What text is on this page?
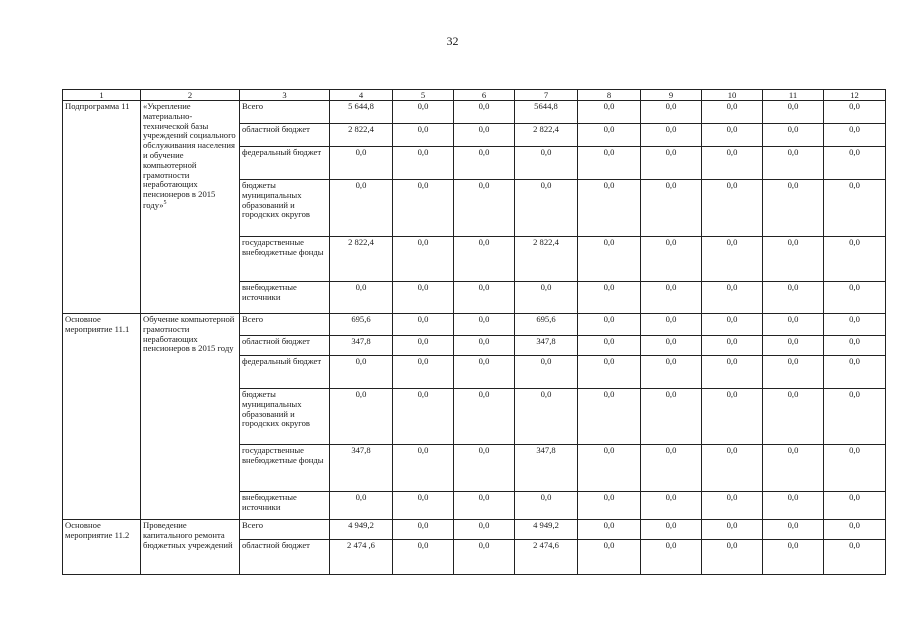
32
1	2	3	4	5	6	7	8	9	10	11	12
Подпрограмма 11	«Укрепление материально-технической базы учреждений социального обслуживания населения и обучение компьютерной грамотности неработающих пенсионеров в 2015 году»$^5$	Всего	5 644,8	0,0	0,0	5644,8	0,0	0,0	0,0	0,0	0,0
		областной бюджет	2 822,4	0,0	0,0	2 822,4	0,0	0,0	0,0	0,0	0,0
		федеральный бюджет	0,0	0,0	0,0	0,0	0,0	0,0	0,0	0,0	0,0
		бюджеты муниципальных образований и городских округов	0,0	0,0	0,0	0,0	0,0	0,0	0,0	0,0	0,0
		государственные внебюджетные фонды	2 822,4	0,0	0,0	2 822,4	0,0	0,0	0,0	0,0	0,0
		внебюджетные источники	0,0	0,0	0,0	0,0	0,0	0,0	0,0	0,0	0,0
Основное мероприятие 11.1	Обучение компьютерной грамотности неработающих пенсионеров в 2015 году	Всего	695,6	0,0	0,0	695,6	0,0	0,0	0,0	0,0	0,0
		областной бюджет	347,8	0,0	0,0	347,8	0,0	0,0	0,0	0,0	0,0
		федеральный бюджет	0,0	0,0	0,0	0,0	0,0	0,0	0,0	0,0	0,0
		бюджеты муниципальных образований и городских округов	0,0	0,0	0,0	0,0	0,0	0,0	0,0	0,0	0,0
		государственные внебюджетные фонды	347,8	0,0	0,0	347,8	0,0	0,0	0,0	0,0	0,0
		внебюджетные источники	0,0	0,0	0,0	0,0	0,0	0,0	0,0	0,0	0,0
Основное мероприятие 11.2	Проведение капитального ремонта бюджетных учреждений	Всего	4 949,2	0,0	0,0	4 949,2	0,0	0,0	0,0	0,0	0,0
		областной бюджет	2 474 ,6	0,0	0,0	2 474,6	0,0	0,0	0,0	0,0	0,0
